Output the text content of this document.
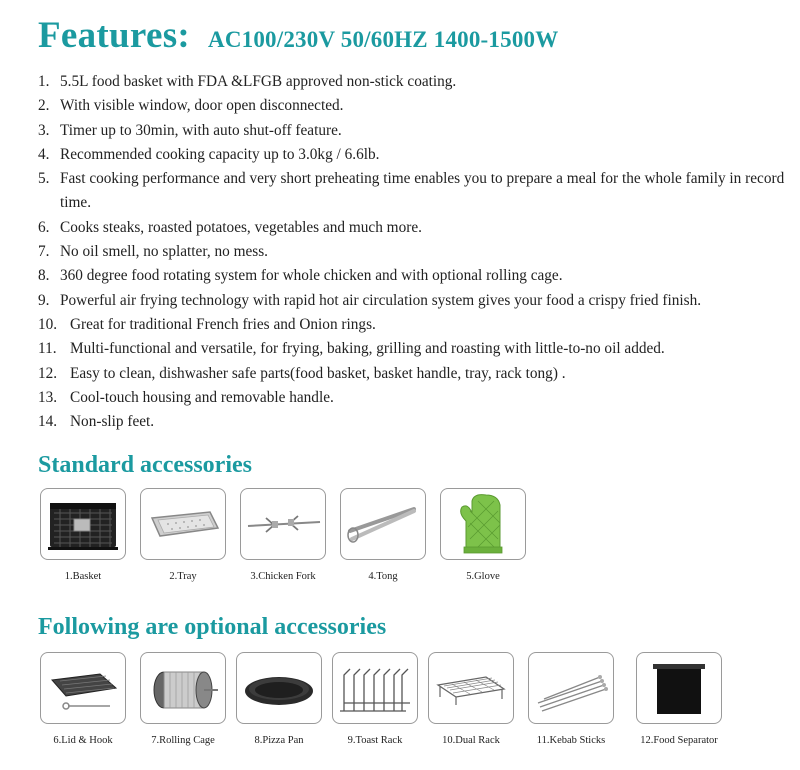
Features: AC100/230V 50/60HZ 1400-1500W
1. 5.5L food basket with FDA &LFGB approved non-stick coating.
2. With visible window, door open disconnected.
3. Timer up to 30min, with auto shut-off feature.
4. Recommended cooking capacity up to 3.0kg / 6.6lb.
5. Fast cooking performance and very short preheating time enables you to prepare a meal for the whole family in record time.
6. Cooks steaks, roasted potatoes, vegetables and much more.
7. No oil smell, no splatter, no mess.
8. 360 degree food rotating system for whole chicken and with optional rolling cage.
9. Powerful air frying technology with rapid hot air circulation system gives your food a crispy fried finish.
10. Great for traditional French fries and Onion rings.
11. Multi-functional and versatile, for frying, baking, grilling and roasting with little-to-no oil added.
12. Easy to clean, dishwasher safe parts(food basket, basket handle, tray, rack tong) .
13. Cool-touch housing and removable handle.
14. Non-slip feet.
Standard accessories
1.Basket	2.Tray	3.Chicken Fork	4.Tong	5.Glove
Following are optional accessories
6.Lid & Hook	7.Rolling Cage	8.Pizza Pan	9.Toast Rack	10.Dual Rack	11.Kebab Sticks	12.Food Separator
